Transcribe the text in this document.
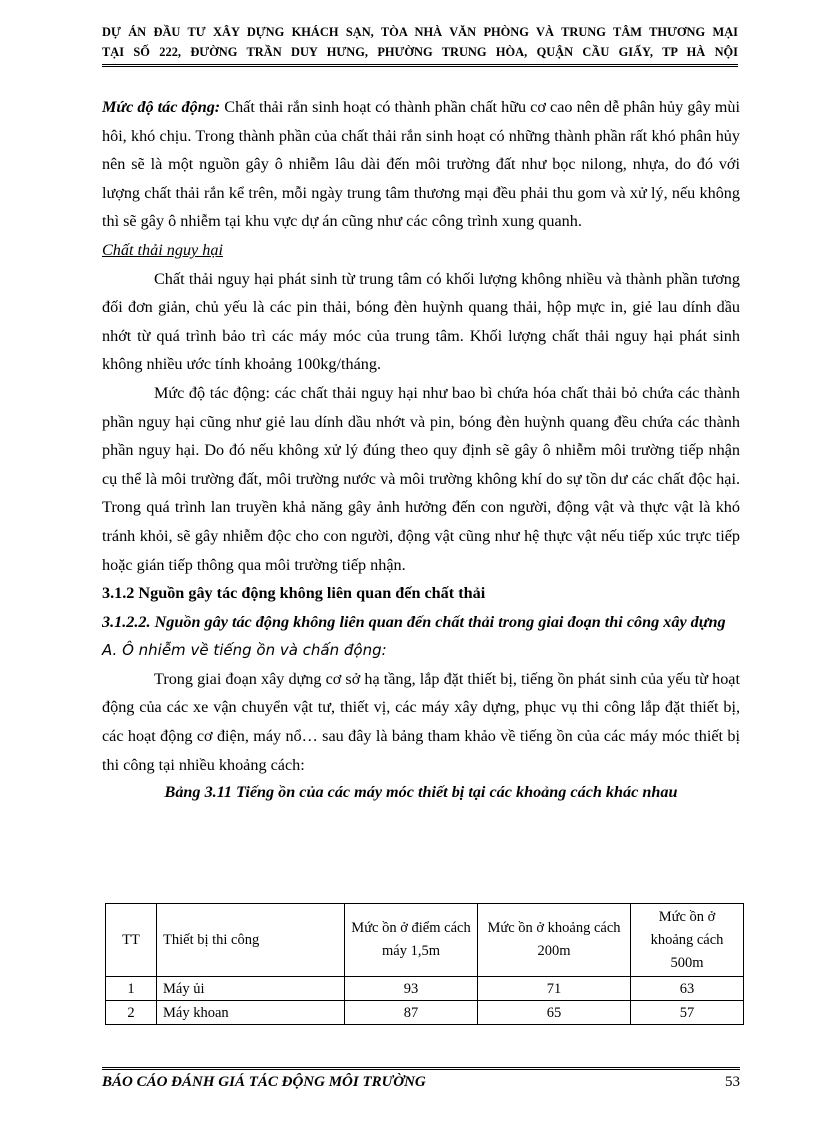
DỰ ÁN ĐẦU TƯ XÂY DỰNG KHÁCH SẠN, TÒA NHÀ VĂN PHÒNG VÀ TRUNG TÂM THƯƠNG MẠI
TẠI SỐ 222, ĐƯỜNG TRẦN DUY HƯNG, PHƯỜNG TRUNG HÒA, QUẬN CẦU GIẤY, TP HÀ NỘI

Mức độ tác động: Chất thải rắn sinh hoạt có thành phần chất hữu cơ cao nên dễ phân hủy gây mùi hôi, khó chịu. Trong thành phần của chất thải rắn sinh hoạt có những thành phần rất khó phân hủy nên sẽ là một nguồn gây ô nhiễm lâu dài đến môi trường đất như bọc nilong, nhựa, do đó với lượng chất thải rắn kể trên, mỗi ngày trung tâm thương mại đều phải thu gom và xử lý, nếu không thì sẽ gây ô nhiễm tại khu vực dự án cũng như các công trình xung quanh.

Chất thải nguy hại

Chất thải nguy hại phát sinh từ trung tâm có khối lượng không nhiều và thành phần tương đối đơn giản, chủ yếu là các pin thải, bóng đèn huỳnh quang thải, hộp mực in, giẻ lau dính dầu nhớt từ quá trình bảo trì các máy móc của trung tâm. Khối lượng chất thải nguy hại phát sinh không nhiều ước tính khoảng 100kg/tháng.

Mức độ tác động: các chất thải nguy hại như bao bì chứa hóa chất thải bỏ chứa các thành phần nguy hại cũng như giẻ lau dính dầu nhớt và pin, bóng đèn huỳnh quang đều chứa các thành phần nguy hại. Do đó nếu không xử lý đúng theo quy định sẽ gây ô nhiễm môi trường tiếp nhận cụ thể là môi trường đất, môi trường nước và môi trường không khí do sự tồn dư các chất độc hại. Trong quá trình lan truyền khả năng gây ảnh hưởng đến con người, động vật và thực vật là khó tránh khỏi, sẽ gây nhiễm độc cho con người, động vật cũng như hệ thực vật nếu tiếp xúc trực tiếp hoặc gián tiếp thông qua môi trường tiếp nhận.

3.1.2 Nguồn gây tác động không liên quan đến chất thải

3.1.2.2. Nguồn gây tác động không liên quan đến chất thải trong giai đoạn thi công xây dựng

A. Ô nhiễm về tiếng ồn và chấn động:

Trong giai đoạn xây dựng cơ sở hạ tầng, lắp đặt thiết bị, tiếng ồn phát sinh của yếu từ hoạt động của các xe vận chuyển vật tư, thiết vị, các máy xây dựng, phục vụ thi công lắp đặt thiết bị, các hoạt động cơ điện, máy nổ… sau đây là bảng tham khảo về tiếng ồn của các máy móc thiết bị thi công tại nhiều khoảng cách:

Bảng 3.11 Tiếng ồn của các máy móc thiết bị tại các khoảng cách khác nhau

TT	Thiết bị thi công	Mức ồn ở điểm cách máy 1,5m	Mức ồn ở khoảng cách 200m	Mức ồn ở khoảng cách 500m
1	Máy ủi	93	71	63
2	Máy khoan	87	65	57
BÁO CÁO ĐÁNH GIÁ TÁC ĐỘNG MÔI TRƯỜNG	53
